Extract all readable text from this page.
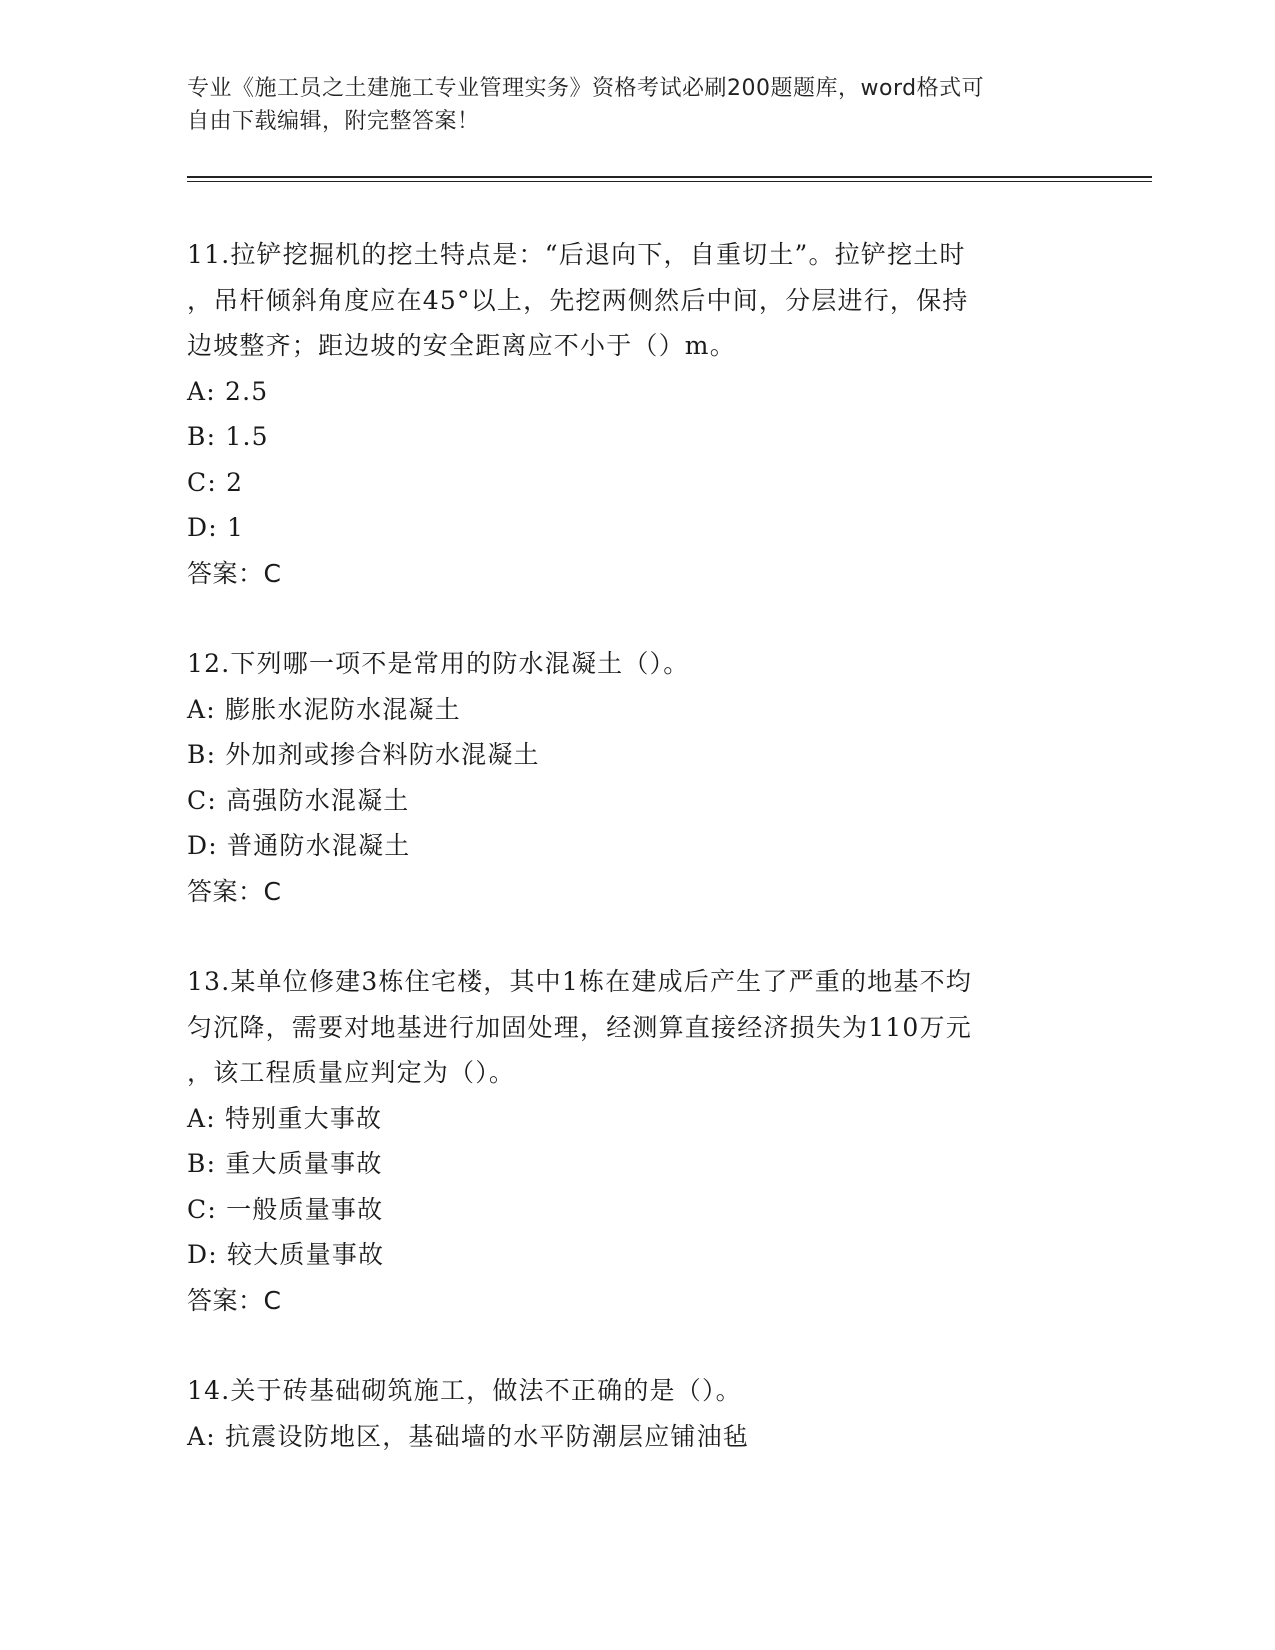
专业《施工员之土建施工专业管理实务》资格考试必刷200题题库，word格式可
自由下载编辑，附完整答案！
11.拉铲挖掘机的挖土特点是：“后退向下，自重切土”。拉铲挖土时
，吊杆倾斜角度应在45°以上，先挖两侧然后中间，分层进行，保持
边坡整齐；距边坡的安全距离应不小于（）m。
A: 2.5
B: 1.5
C: 2
D: 1
答案：C
12.下列哪一项不是常用的防水混凝土（）。
A: 膨胀水泥防水混凝土
B: 外加剂或掺合料防水混凝土
C: 高强防水混凝土
D: 普通防水混凝土
答案：C
13.某单位修建3栋住宅楼，其中1栋在建成后产生了严重的地基不均
匀沉降，需要对地基进行加固处理，经测算直接经济损失为110万元
，该工程质量应判定为（）。
A: 特别重大事故
B: 重大质量事故
C: 一般质量事故
D: 较大质量事故
答案：C
14.关于砖基础砌筑施工，做法不正确的是（）。
A: 抗震设防地区，基础墙的水平防潮层应铺油毡
